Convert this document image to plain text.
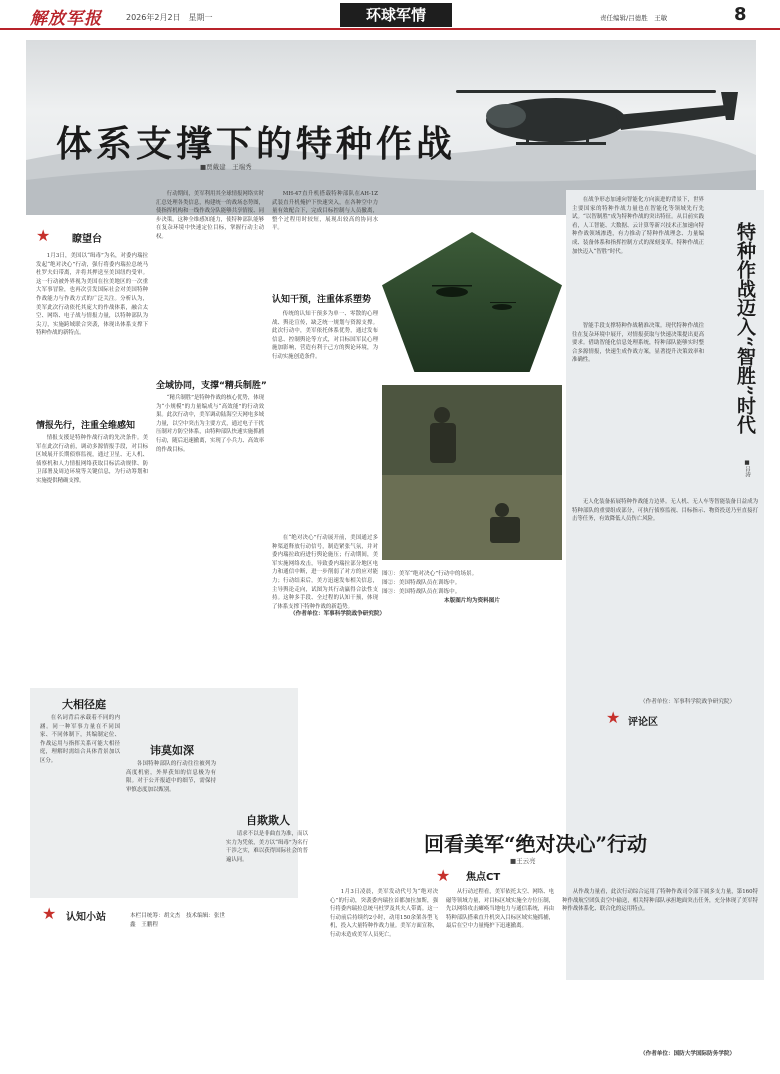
解放军报	2026年2月2日　星期一	环球军情	责任编辑/吕德胜　王敏	8
体系支撑下的特种作战
■贾戴建　王端秀
★ 瞭望台

1月3日，美国以“缉毒”为名，对委内瑞拉发起“绝对决心”行动，强行将委内瑞拉总统马杜罗夫妇带离，并将其押送至美国纽约受审。这一行动被外界视为美国在拉美地区的一次重大军事冒险，也再次引发国际社会对美国特种作战能力与作战方式的广泛关注。分析认为，美军此次行动依托其庞大的作战体系，融合太空、网络、电子战与情报力量，以特种部队为尖刀，实施跨域联合突袭，体现出体系支撑下特种作战的新特点。

情报先行，注重全维感知

情报支援是特种作战行动的先决条件。美军在此次行动前，调动多源情报手段，对目标区域展开长期侦察监视，通过卫星、无人机、侦察机和人力情报网络获取目标活动规律、防卫部署及周边环境等关键信息，为行动筹划和实施提供精确支撑。

行动期间，美军利用其全球情报网络实时汇总处理各类信息，构建统一的战场态势图，使指挥机构和一线作战分队能够共享情报、同步决策。这种全维感知能力，使特种部队能够在复杂环境中快速定位目标，掌握行动主动权。

全域协同，支撑“精兵制胜”

“精兵制胜”是特种作战的核心优势，体现为“小规模”的力量编成与“高效能”的行动效果。此次行动中，美军调动陆海空天网电多域力量，以空中突击为主要方式，通过电子干扰压制对方防空体系，由特种部队快速实施抓捕行动，随后迅速撤离，实现了小兵力、高效率的作战目标。

MH-47直升机搭载特种部队在AH-1Z武装直升机掩护下快速突入，在各种空中力量有效配合下，完成目标控制与人员撤离，整个过程用时较短，展现出较高的协同水平。

认知干预，注重体系塑势

传统的认知干预多为单一、零散的心理战、舆论宣传，缺乏统一规划与资源支撑。此次行动中，美军依托体系优势，通过发布信息、控制舆论等方式，对目标国军民心理施加影响，营造有利于己方的舆论环境，为行动实施创造条件。

在“绝对决心”行动展开前，美国通过多种渠道释放行动信号，制造紧张气氛，并对委内瑞拉政府进行舆论施压；行动期间，美军实施网络攻击，导致委内瑞拉部分地区电力和通信中断，进一步削弱了对方的应对能力；行动结束后，美方迅速发布相关信息，主导舆论走向，试图为其行动赢得合法性支持。这种多手段、全过程的认知干预，体现了体系支撑下特种作战的新趋势。

（作者单位：军事科学院战争研究院）
图①：美军“绝对决心”行动中的场景。
图②：美国特战队员在训练中。
图③：美国特战队员在训练中。
本版图片均为资料图片

在战争形态加速向智能化方向演进的背景下，世界主要国家的特种作战力量也在智能化等领域先行先试。“以智制胜”成为特种作战的突出特征。从目前实践看，人工智能、大数据、云计算等新兴技术正加速向特种作战领域渗透，有力推动了特种作战理念、力量编成、装备体系和指挥控制方式的深刻变革。特种作战正加快迈入“智胜”时代。	特种作战迈入“智胜”时代
■吕涛

智能手段支撑特种作战精准决策。现代特种作战往往在复杂环境中展开，对情报获取与快速决策提出更高要求。借助智能化信息处理系统，特种部队能够实时整合多源情报，快速生成作战方案，显著提升决策效率和准确性。

无人化装备拓展特种作战能力边界。无人机、无人车等智能装备日益成为特种部队的重要组成部分，可执行侦察监视、目标指示、物资投送乃至直接打击等任务，有效降低人员伤亡风险。

（作者单位：军事科学院战争研究院）
★ 评论区
大相径庭

在名词背后承载着不同的内涵。同一种军事力量在不同国家、不同体制下，其编制定位、作战运用与指挥关系可能大相径庭，理解时需结合具体背景加以区分。

讳莫如深

各国特种部队的行动往往被列为高度机密，外界获知的信息极为有限。对于公开报道中的细节，需保持审慎态度加以甄别。

自欺欺人

请求不以是非曲直为准，而以实力为凭依，美方以“缉毒”为名行干涉之实，难以获得国际社会的普遍认同。

本栏目统筹：胡文杰　技术编辑：张世鑫　王鹏程
★ 认知小站
回看美军“绝对决心”行动
■王云亮
★ 焦点CT

1月3日凌晨，美军发动代号为“绝对决心”的行动，突袭委内瑞拉首都加拉加斯，强行将委内瑞拉总统马杜罗及其夫人带离。这一行动前后持续约2小时，动用150余架各型飞机，投入大量特种作战力量。美军方面宣称，行动未造成美军人员死亡。

从行动过程看，美军依托太空、网络、电磁等领域力量，对目标区域实施全方位压制，先以网络攻击瘫痪当地电力与通信系统，再由特种部队搭乘直升机突入目标区域实施抓捕，最后在空中力量掩护下迅速撤离。

从作战力量看，此次行动综合运用了特种作战司令部下属多支力量，第160特种作战航空团负责空中输送，相关特种部队承担地面突击任务，充分体现了美军特种作战体系化、联合化的运用特点。

（作者单位：国防大学国际防务学院）
